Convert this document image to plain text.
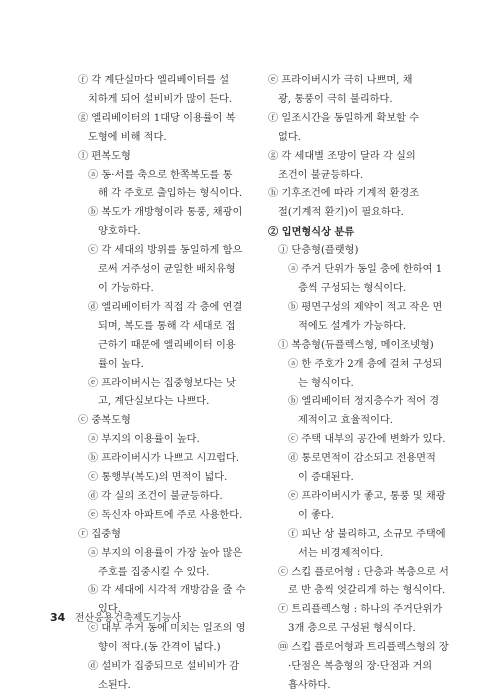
ⓕ 각 계단실마다 엘리베이터를 설
치하게 되어 설비비가 많이 든다.
ⓖ 엘리베이터의 1대당 이용률이 복
도형에 비해 적다.
ⓛ 편복도형
ⓐ 동·서를 축으로 한쪽복도를 통
해 각 주호로 출입하는 형식이다.
ⓑ 복도가 개방형이라 통풍, 채광이
양호하다.
ⓒ 각 세대의 방위를 동일하게 함으
로써 거주성이 균일한 배치유형
이 가능하다.
ⓓ 엘리베이터가 직접 각 층에 연결
되며, 복도를 통해 각 세대로 접
근하기 때문에 엘리베이터 이용
률이 높다.
ⓔ 프라이버시는 집중형보다는 낫
고, 계단실보다는 나쁘다.
ⓒ 중복도형
ⓐ 부지의 이용률이 높다.
ⓑ 프라이버시가 나쁘고 시끄럽다.
ⓒ 통행부(복도)의 면적이 넓다.
ⓓ 각 실의 조건이 불균등하다.
ⓔ 독신자 아파트에 주로 사용한다.
ⓡ 집중형
ⓐ 부지의 이용률이 가장 높아 많은
주호를 집중시킬 수 있다.
ⓑ 각 세대에 시각적 개방감을 줄 수
있다.
ⓒ 대부 주거 동에 미치는 일조의 영
향이 적다.(동 간격이 넓다.)
ⓓ 설비가 집중되므로 설비비가 감
소된다.
ⓔ 프라이버시가 극히 나쁘며, 채
광, 통풍이 극히 불리하다.
ⓕ 일조시간을 동일하게 확보할 수
없다.
ⓖ 각 세대별 조망이 달라 각 실의
조건이 불균등하다.
ⓗ 기후조건에 따라 기계적 환경조
절(기계적 환기)이 필요하다.
② 입면형식상 분류
ⓙ 단층형(플랫형)
ⓐ 주거 단위가 동일 층에 한하여 1
층씩 구성되는 형식이다.
ⓑ 평면구성의 제약이 적고 작은 면
적에도 설계가 가능하다.
ⓛ 복층형(듀플렉스형, 메이조넷형)
ⓐ 한 주호가 2개 층에 걸쳐 구성되
는 형식이다.
ⓑ 엘리베이터 정지층수가 적어 경
제적이고 효율적이다.
ⓒ 주택 내부의 공간에 변화가 있다.
ⓓ 통로면적이 감소되고 전용면적
이 증대된다.
ⓔ 프라이버시가 좋고, 통풍 및 채광
이 좋다.
ⓕ 피난 상 불리하고, 소규모 주택에
서는 비경제적이다.
ⓒ 스킵 플로어형 : 단층과 복층으로 서
로 반 층씩 엇갈리게 하는 형식이다.
ⓡ 트리플렉스형 : 하나의 주거단위가
3개 층으로 구성된 형식이다.
ⓜ 스킵 플로어형과 트리플렉스형의 장
·단점은 복층형의 장·단점과 거의
흡사하다.
34 전산응용건축제도기능사
